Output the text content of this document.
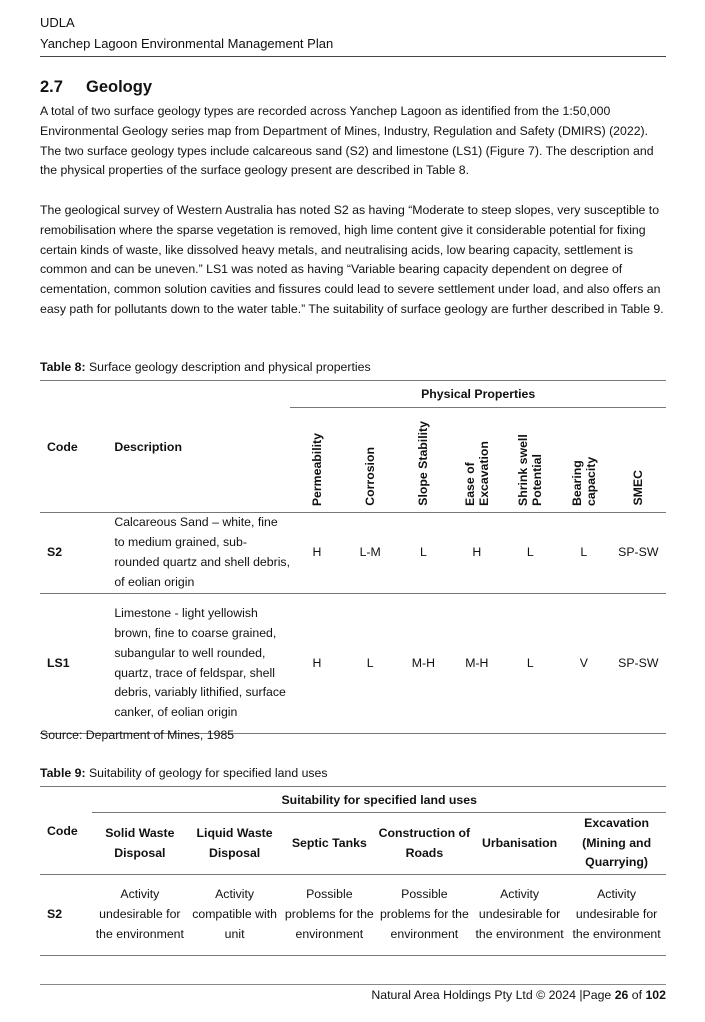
UDLA
Yanchep Lagoon Environmental Management Plan
2.7 Geology

A total of two surface geology types are recorded across Yanchep Lagoon as identified from the 1:50,000 Environmental Geology series map from Department of Mines, Industry, Regulation and Safety (DMIRS) (2022). The two surface geology types include calcareous sand (S2) and limestone (LS1) (Figure 7). The description and the physical properties of the surface geology present are described in Table 8.

The geological survey of Western Australia has noted S2 as having “Moderate to steep slopes, very susceptible to remobilisation where the sparse vegetation is removed, high lime content give it considerable potential for fixing certain kinds of waste, like dissolved heavy metals, and neutralising acids, low bearing capacity, settlement is common and can be uneven.” LS1 was noted as having “Variable bearing capacity dependent on degree of cementation, common solution cavities and fissures could lead to severe settlement under load, and also offers an easy path for pollutants down to the water table.” The suitability of surface geology are further described in Table 9.

Table 8: Surface geology description and physical properties
Code	Description	Physical Properties						

		Permeability	Corrosion	Slope Stability	Ease of Excavation	Shrink swell Potential	Bearing capacity	SMEC

S2	Calcareous Sand – white, fine to medium grained, sub-rounded quartz and shell debris, of eolian origin	H	L-M	L	H	L	L	SP-SW
LS1	Limestone - light yellowish brown, fine to coarse grained, subangular to well rounded, quartz, trace of feldspar, shell debris, variably lithified, surface canker, of eolian origin	H	L	M-H	M-H	L	V	SP-SW
Source: Department of Mines, 1985
Table 9: Suitability of geology for specified land uses
Code	Suitability for specified land uses					
	Solid Waste Disposal	Liquid Waste Disposal	Septic Tanks	Construction of Roads	Urbanisation	Excavation (Mining and Quarrying)
S2	Activity undesirable for the environment	Activity compatible with unit	Possible problems for the environment	Possible problems for the environment	Activity undesirable for the environment	Activity undesirable for the environment
Natural Area Holdings Pty Ltd © 2024 |Page 26 of 102
